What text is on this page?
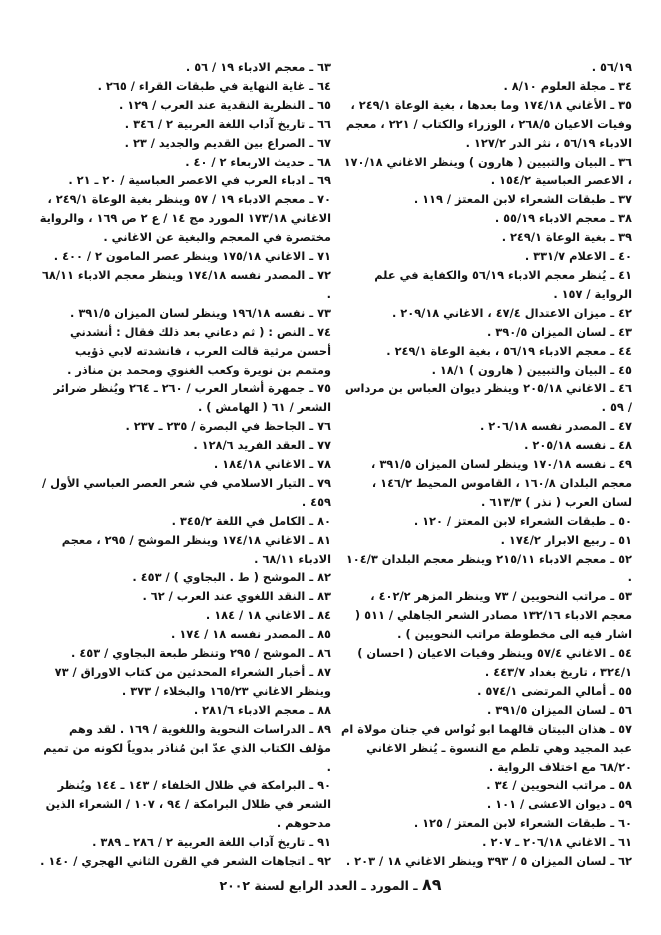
٥٦/١٩ .

٣٤ ـ مجلة العلوم ٨/١٠ .

٣٥ ـ الأغاني ١٧٤/١٨ وما بعدها ، بغية الوعاة ٢٤٩/١ ، وفيات الاعيان ٢٦٨/٥ ، الوزراء والكتاب / ٢٢١ ، معجم الادباء ٥٦/١٩ ، نثر الدر ١٢٧/٢ .

٣٦ ـ البيان والتبيين ( هارون ) وينظر الاغاني ١٧٠/١٨ ، الاعصر العباسية ١٥٤/٢ .

٣٧ ـ طبقات الشعراء لابن المعتز / ١١٩ .

٣٨ ـ معجم الادباء ٥٥/١٩ .

٣٩ ـ بغية الوعاة ٢٤٩/١ .

٤٠ ـ الاعلام ٣٣١/٧ .

٤١ ـ يُنظر معجم الادباء ٥٦/١٩ والكفاية في علم الرواية / ١٥٧ .

٤٢ ـ ميزان الاعتدال ٤٧/٤ ، الاغاني ٢٠٩/١٨ .

٤٣ ـ لسان الميزان ٣٩٠/٥ .

٤٤ ـ معجم الادباء ٥٦/١٩ ، بغية الوعاة ٢٤٩/١ .

٤٥ ـ البيان والتبيين ( هارون ) ١٨/١ .

٤٦ ـ الاغاني ٢٠٥/١٨ وينظر ديوان العباس بن مرداس / ٥٩ .

٤٧ ـ المصدر نفسه ٢٠٦/١٨ .

٤٨ ـ نفسه ٢٠٥/١٨ .

٤٩ ـ نفسه ١٧٠/١٨ وينظر لسان الميزان ٣٩١/٥ ، معجم البلدان ١٦٠/٨ ، القاموس المحيط ١٤٦/٢ ، لسان العرب ( نذر ) ٦١٣/٣ .

٥٠ ـ طبقات الشعراء لابن المعتز / ١٢٠ .

٥١ ـ ربيع الابرار ١٧٤/٢ .

٥٢ ـ معجم الادباء ٢١٥/١١ وينظر معجم البلدان ١٠٤/٣ .

٥٣ ـ مراتب النحويين / ٧٣ وينظر المزهر ٤٠٢/٢ ، معجم الادباء ١٣٢/١٦ مصادر الشعر الجاهلي / ٥١١ ( اشار فيه الى مخطوطة مراتب النحويين ) .

٥٤ ـ الاغاني ٥٧/٤ وينظر وفيات الاعيان ( احسان ) ٣٢٤/١ ، تاريخ بغداد ٤٤٣/٧ .

٥٥ ـ أمالي المرتضى ٥٧٤/١ .

٥٦ ـ لسان الميزان ٣٩١/٥ .

٥٧ ـ هذان البيتان قالهما ابو نُواس في جنان مولاة ام عبد المجيد وهي تلطم مع النسوة ـ يُنظر الاغاني ٦٨/٢٠ مع اختلاف الرواية .

٥٨ ـ مراتب النحويين / ٣٤ .

٥٩ ـ ديوان الاعشى / ١٠١ .

٦٠ ـ طبقات الشعراء لابن المعتز / ١٢٥ .

٦١ ـ الاغاني ٢٠٦/١٨ ـ ٢٠٧ .

٦٢ ـ لسان الميزان ٥ / ٣٩٣ وينظر الاغاني ١٨ / ٢٠٣ .

٦٣ ـ معجم الادباء ١٩ / ٥٦ .

٦٤ ـ غاية النهاية في طبقات القراء / ٢٦٥ .

٦٥ ـ النظرية النقدية عند العرب / ١٢٩ .

٦٦ ـ تاريخ آداب اللغة العربية ٢ / ٣٤٦ .

٦٧ ـ الصراع بين القديم والجديد / ٢٣ .

٦٨ ـ حديث الاربعاء ٢ / ٤٠ .

٦٩ ـ ادباء العرب في الاعصر العباسية / ٢٠ ـ ٢١ .

٧٠ ـ معجم الادباء ١٩ / ٥٧ وينظر بغية الوعاة ٢٤٩/١ ، الاغاني ١٧٣/١٨ المورد مج ١٤ / ع ٢ ص ١٦٩ ، والرواية مختصرة في المعجم والبغية عن الاغاني .

٧١ ـ الاغاني ١٧٥/١٨ وينظر عصر المامون ٢ / ٤٠٠ .

٧٢ ـ المصدر نفسه ١٧٤/١٨ وينظر معجم الادباء ٦٨/١١ .

٧٣ ـ نفسه ١٩٦/١٨ وينظر لسان الميزان ٣٩١/٥ .

٧٤ ـ النص : ( ثم دعاني بعد ذلك فقال : أنشدني أحسن مرثية قالت العرب ، فانشدته لابي ذؤيب ومتمم بن نويرة وكعب الغنوي ومحمد بن مناذر .

٧٥ ـ جمهرة أشعار العرب / ٢٦٠ ـ ٢٦٤ ويُنظر ضرائر الشعر / ٦١ ( الهامش ) .

٧٦ ـ الجاحظ في البصرة / ٢٣٥ ـ ٢٣٧ .

٧٧ ـ العقد الفريد ١٢٨/٦ .

٧٨ ـ الاغاني ١٨٤/١٨ .

٧٩ ـ التيار الاسلامي في شعر العصر العباسي الأول / ٤٥٩ .

٨٠ ـ الكامل في اللغة ٣٤٥/٢ .

٨١ ـ الاغاني ١٧٤/١٨ وينظر الموشح / ٢٩٥ ، معجم الادباء ٦٨/١١ .

٨٢ ـ الموشح ( ط . البجاوي ) / ٤٥٣ .

٨٣ ـ النقد اللغوي عند العرب / ٦٢ .

٨٤ ـ الاغاني ١٨ / ١٨٤ .

٨٥ ـ المصدر نفسه ١٨ / ١٧٤ .

٨٦ ـ الموشح / ٢٩٥ وتنظر طبعة البجاوي / ٤٥٣ .

٨٧ ـ أخبار الشعراء المحدثين من كتاب الاوراق / ٧٣ وينظر الاغاني ١٦٥/٢٣ والبخلاء / ٣٧٣ .

٨٨ ـ معجم الادباء ٢٨١/٦ .

٨٩ ـ الدراسات النحوية واللغوية / ١٦٩ . لقد وهم مؤلف الكتاب الذي عدّ ابن مُناذر بدوياً لكونه من تميم .

٩٠ ـ البرامكة في ظلال الخلفاء / ١٤٣ ـ ١٤٤ ويُنظر الشعر في ظلال البرامكة / ٩٤ ، ١٠٧ / الشعراء الذين مدحوهم .

٩١ ـ تاريخ آداب اللغة العربية ٢ / ٢٨٦ ـ ٣٨٩ .

٩٢ ـ اتجاهات الشعر في القرن الثاني الهجري / ١٤٠ .

٨٩ ـ المورد ـ العدد الرابع لسنة ٢٠٠٢
